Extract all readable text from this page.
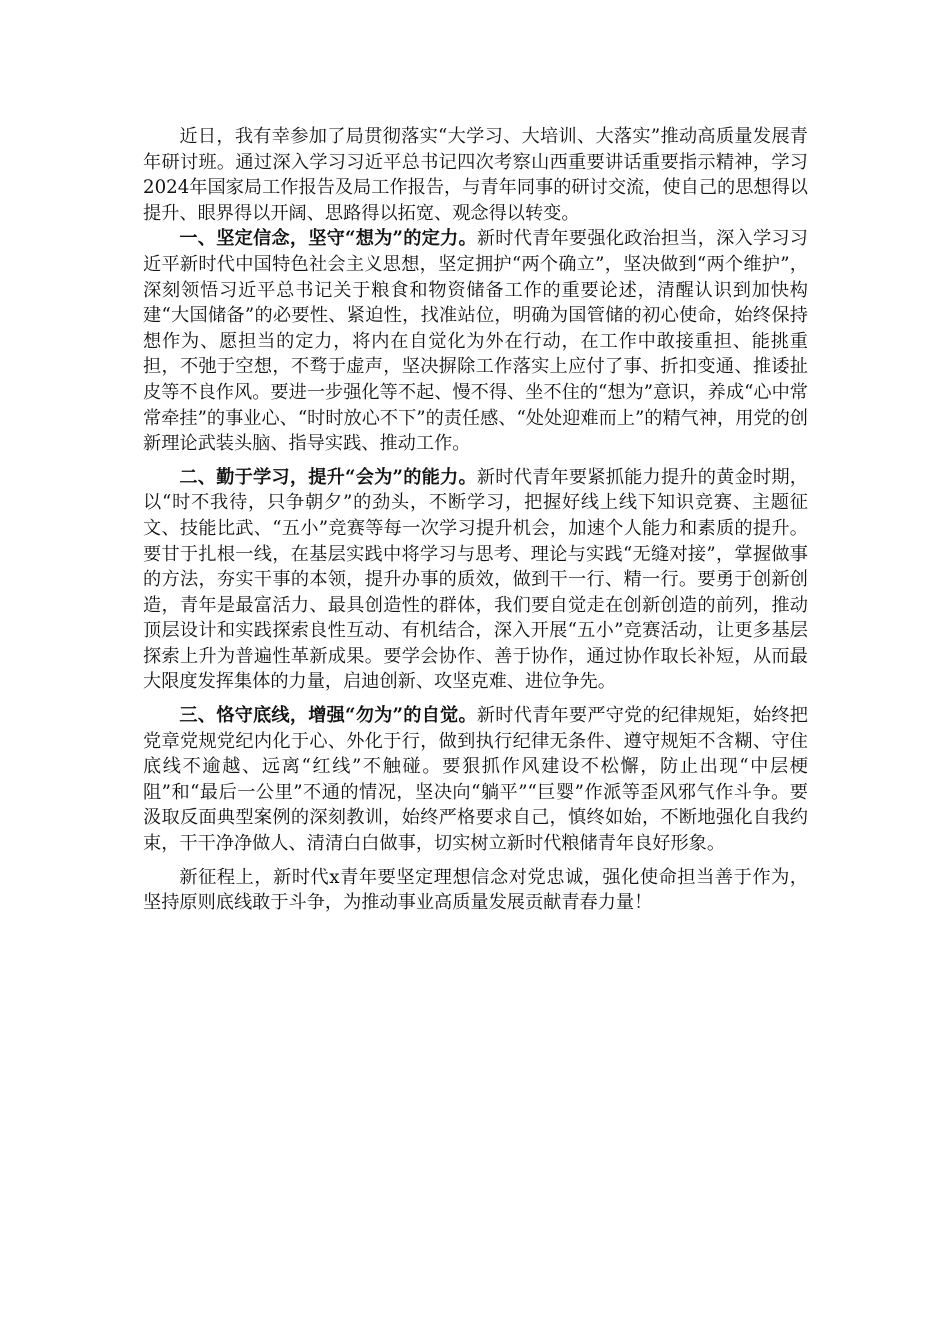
近日，我有幸参加了局贯彻落实“大学习、大培训、大落实”推动高质量发展青年研讨班。通过深入学习习近平总书记四次考察山西重要讲话重要指示精神，学习2024年国家局工作报告及局工作报告，与青年同事的研讨交流，使自己的思想得以提升、眼界得以开阔、思路得以拓宽、观念得以转变。

一、坚定信念，坚守“想为”的定力。新时代青年要强化政治担当，深入学习习近平新时代中国特色社会主义思想，坚定拥护“两个确立”，坚决做到“两个维护”，深刻领悟习近平总书记关于粮食和物资储备工作的重要论述，清醒认识到加快构建“大国储备”的必要性、紧迫性，找准站位，明确为国管储的初心使命，始终保持想作为、愿担当的定力，将内在自觉化为外在行动，在工作中敢接重担、能挑重担，不弛于空想，不骛于虚声，坚决摒除工作落实上应付了事、折扣变通、推诿扯皮等不良作风。要进一步强化等不起、慢不得、坐不住的“想为”意识，养成“心中常常牵挂”的事业心、“时时放心不下”的责任感、“处处迎难而上”的精气神，用党的创新理论武装头脑、指导实践、推动工作。

二、勤于学习，提升“会为”的能力。新时代青年要紧抓能力提升的黄金时期，以“时不我待，只争朝夕”的劲头，不断学习，把握好线上线下知识竞赛、主题征文、技能比武、“五小”竞赛等每一次学习提升机会，加速个人能力和素质的提升。要甘于扎根一线，在基层实践中将学习与思考、理论与实践“无缝对接”，掌握做事的方法，夯实干事的本领，提升办事的质效，做到干一行、精一行。要勇于创新创造，青年是最富活力、最具创造性的群体，我们要自觉走在创新创造的前列，推动顶层设计和实践探索良性互动、有机结合，深入开展“五小”竞赛活动，让更多基层探索上升为普遍性革新成果。要学会协作、善于协作，通过协作取长补短，从而最大限度发挥集体的力量，启迪创新、攻坚克难、进位争先。

三、恪守底线，增强“勿为”的自觉。新时代青年要严守党的纪律规矩，始终把党章党规党纪内化于心、外化于行，做到执行纪律无条件、遵守规矩不含糊、守住底线不逾越、远离“红线”不触碰。要狠抓作风建设不松懈，防止出现“中层梗阻”和“最后一公里”不通的情况，坚决向“躺平”“巨婴”作派等歪风邪气作斗争。要汲取反面典型案例的深刻教训，始终严格要求自己，慎终如始，不断地强化自我约束，干干净净做人、清清白白做事，切实树立新时代粮储青年良好形象。

新征程上，新时代x青年要坚定理想信念对党忠诚，强化使命担当善于作为，坚持原则底线敢于斗争，为推动事业高质量发展贡献青春力量！
